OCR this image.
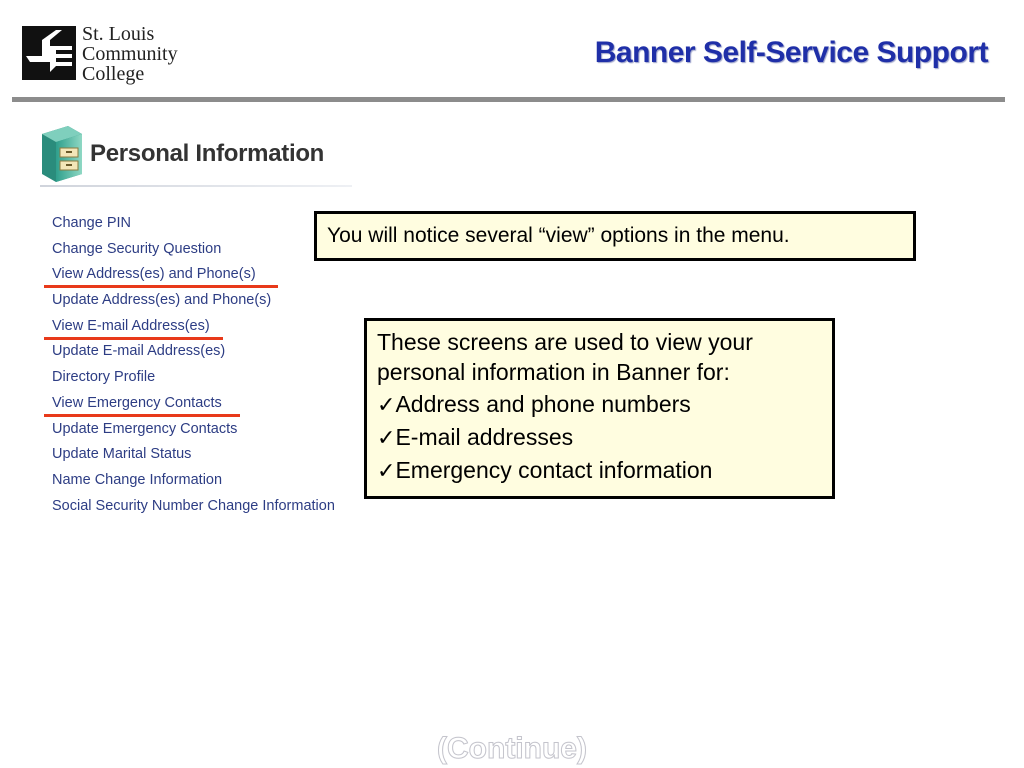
St. Louis
Community
College
Banner Self-Service Support
Personal Information
Change PIN
Change Security Question
View Address(es) and Phone(s)
Update Address(es) and Phone(s)
View E-mail Address(es)
Update E-mail Address(es)
Directory Profile
View Emergency Contacts
Update Emergency Contacts
Update Marital Status
Name Change Information
Social Security Number Change Information
You will notice several “view” options in the menu.
These screens are used to view your personal information in Banner for:
✓Address and phone numbers
✓E-mail addresses
✓Emergency contact information
(Continue)
